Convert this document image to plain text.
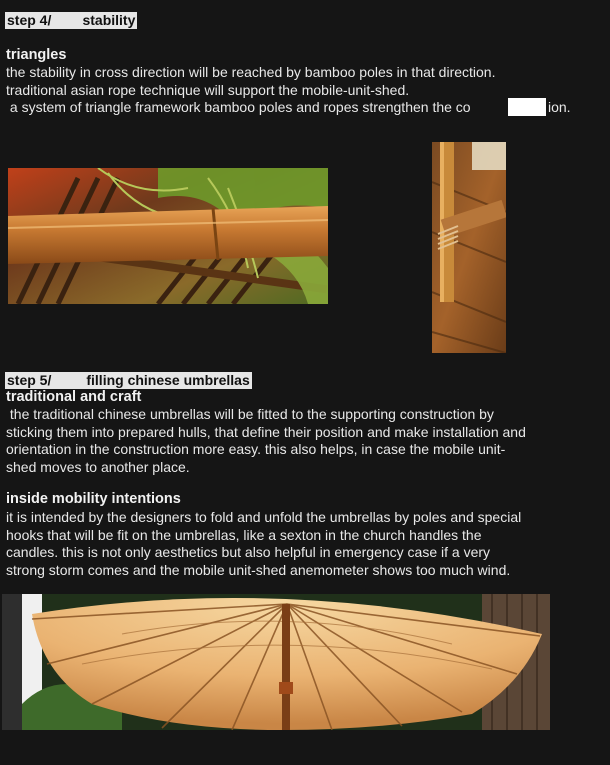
step 4/        stability
triangles
the stability in cross direction will be reached by bamboo poles in that direction.
traditional asian rope technique will support the mobile-unit-shed.
a system of triangle framework bamboo poles and ropes strengthen the co	ion.
step 5/         filling chinese umbrellas
traditional and craft
the traditional chinese umbrellas will be fitted to the supporting construction by
sticking them into prepared hulls, that define their position and make installation and
orientation in the construction more easy. this also helps, in case the mobile unit-
shed moves to another place.
inside mobility intentions
it is intended by the designers to fold and unfold the umbrellas by poles and special
hooks that will be fit on the umbrellas, like a sexton in the church handles the
candles. this is not only aesthetics but also helpful in emergency case if a very
strong storm comes and the mobile unit-shed anemometer shows too much wind.
